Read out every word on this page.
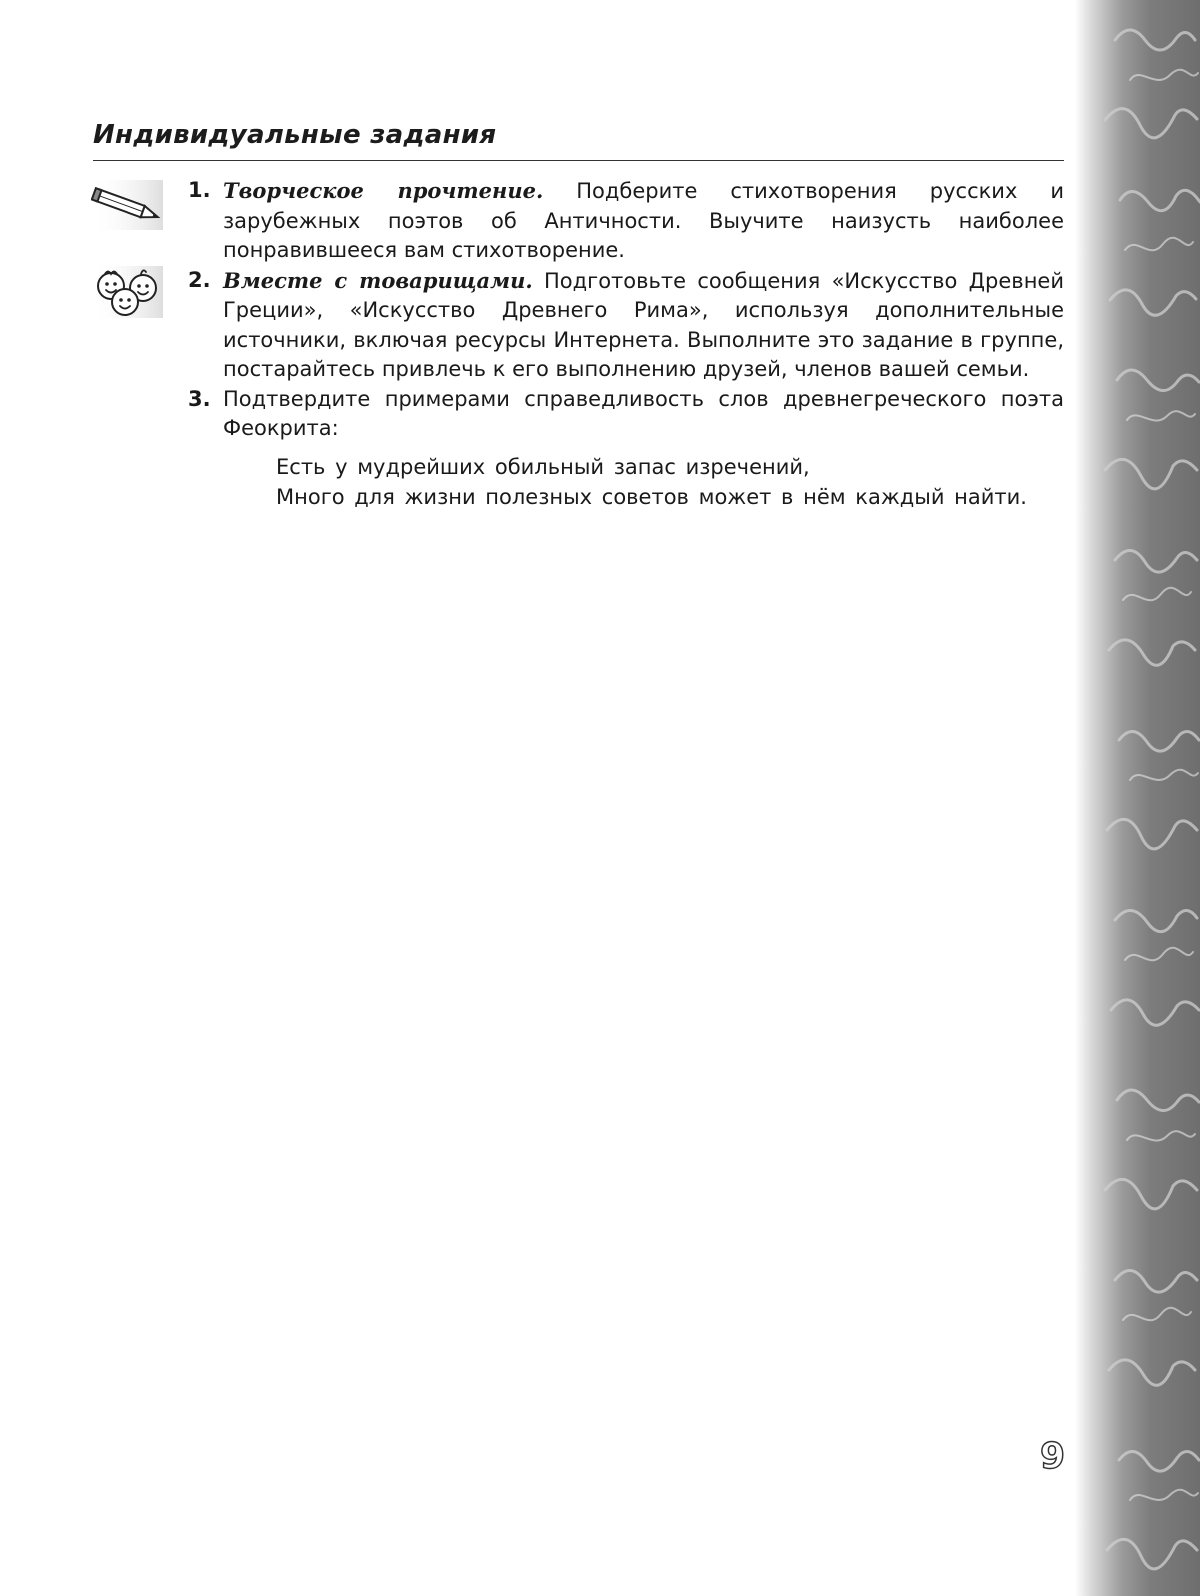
Индивидуальные задания
1. Творческое прочтение. Подберите стихотворения русских и зарубежных поэтов об Античности. Выучите наизусть наиболее понравившееся вам стихотворение.
2. Вместе с товарищами. Подготовьте сообщения «Искусство Древней Греции», «Искусство Древнего Рима», используя дополнительные источники, включая ресурсы Интернета. Выполните это задание в группе, постарайтесь привлечь к его выполнению друзей, членов вашей семьи.
3. Подтвердите примерами справедливость слов древнегреческого поэта Феокрита:

Есть у мудрейших обильный запас изречений,
Много для жизни полезных советов может в нём каждый найти.

9
